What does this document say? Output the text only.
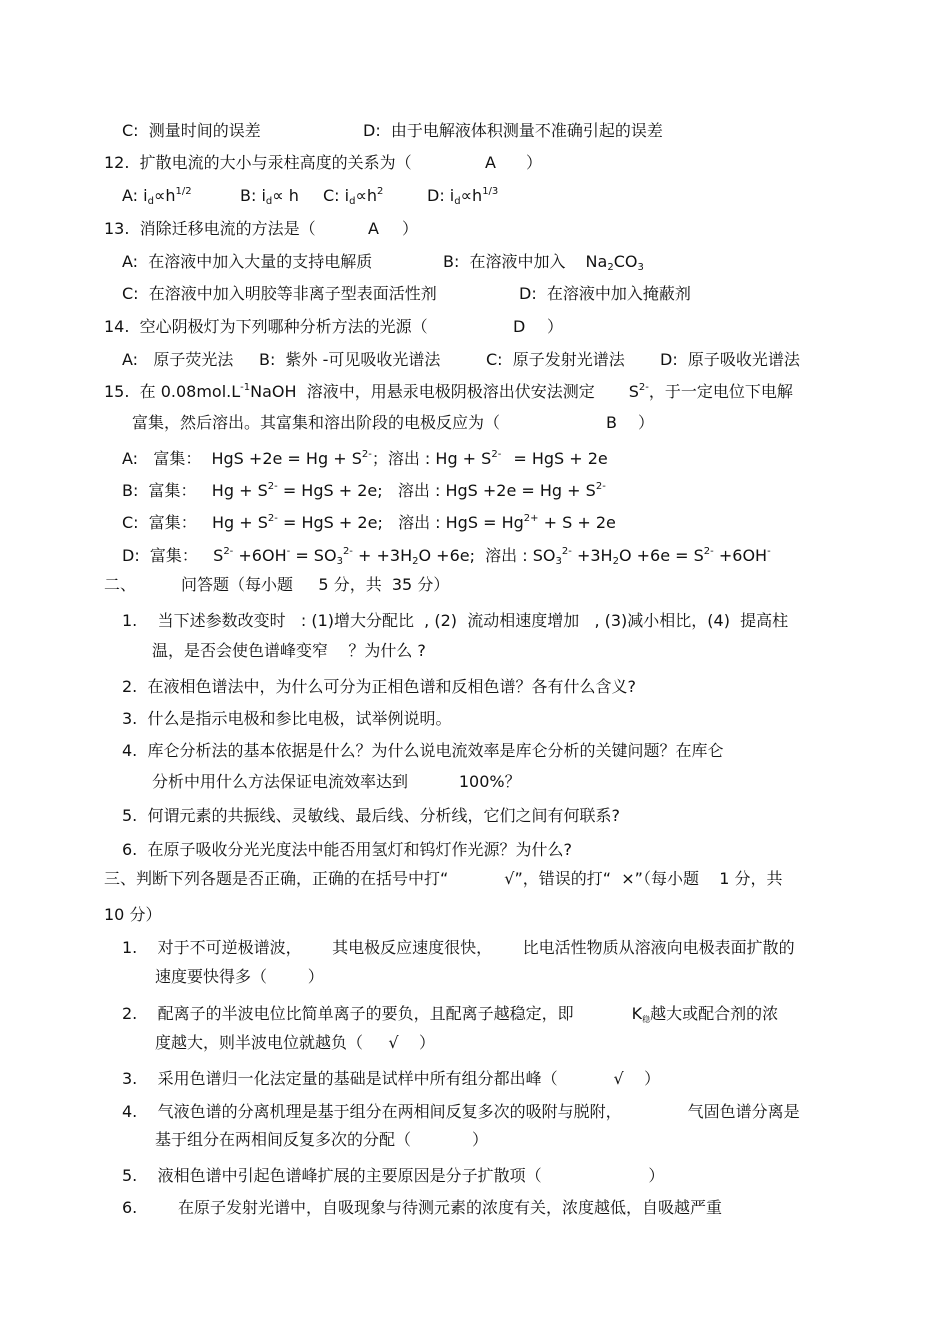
C:  测量时间的误差	D:  由于电解液体积测量不准确引起的误差
12.  扩散电流的大小与汞柱高度的关系为（	A ）
A: $i_d\propto h^{1/2}$	B: $i_d\propto h$ C: $i_d\propto h^2$	D: $i_d\propto h^{1/3}$
13.  消除迁移电流的方法是（	A ）
A:  在溶液中加入大量的支持电解质	B:  在溶液中加入 $Na_2CO_3$
C:  在溶液中加入明胶等非离子型表面活性剂	D:  在溶液中加入掩蔽剂
14.  空心阴极灯为下列哪种分析方法的光源（	D ）
A:   原子荧光法 B:  紫外 -可见吸收光谱法	C:  原子发射光谱法 D:  原子吸收光谱法
15.  在 $0.08mol.L^{-1}NaOH$  溶液中，用悬汞电极阴极溶出伏安法测定 $S^{2-}$，于一定电位下电解
富集，然后溶出。其富集和溶出阶段的电极反应为（	B ）
A:   富集：  HgS $+2e = Hg + S^{2-}$；溶出 : $Hg + S^{2-}$ = HgS + 2e
B:  富集：   $Hg + S^{2-}$ = HgS + 2e;   溶出 : HgS $+2e = Hg + S^{2-}$
C:  富集：   $Hg + S^{2-}$ = HgS + 2e;   溶出 : HgS = $Hg^{2+} + S + 2e$
D:  富集：   $S^{2-} +6OH^- = SO_3^{2-} + +3H_2O +6e$;  溶出 : $SO_3^{2-} +3H_2O +6e = S^{2-} +6OH^-$
二、	问答题（每小题     5 分，共  35 分）
1.    当下述参数改变时   : (1)增大分配比  , (2)  流动相速度增加   , (3)减小相比，(4)  提高柱
温，是否会使色谱峰变窄    ？为什么 ?
2.  在液相色谱法中，为什么可分为正相色谱和反相色谱？各有什么含义?
3.  什么是指示电极和参比电极，试举例说明。
4.  库仑分析法的基本依据是什么？为什么说电流效率是库仑分析的关键问题？在库仑
分析中用什么方法保证电流效率达到          100%？
5.  何谓元素的共振线、灵敏线、最后线、分析线，它们之间有何联系?
6.  在原子吸收分光光度法中能否用氢灯和钨灯作光源？为什么?
三、判断下列各题是否正确，正确的在括号中打“	√”，错误的打“  ×”（每小题    1 分，共
10 分）
1.    对于不可逆极谱波，      其电极反应速度很快，      比电活性物质从溶液向电极表面扩散的
速度要快得多（        ）
2.    配离子的半波电位比简单离子的要负，且配离子越稳定，即	$K_稳$越大或配合剂的浓
度越大，则半波电位就越负（     √    ）
3.    采用色谱归一化法定量的基础是试样中所有组分都出峰（           √    ）
4.    气液色谱的分离机理是基于组分在两相间反复多次的吸附与脱附，	气固色谱分离是
基于组分在两相间反复多次的分配（            ）
5.    液相色谱中引起色谱峰扩展的主要原因是分子扩散项（                     ）
6.        在原子发射光谱中，自吸现象与待测元素的浓度有关，浓度越低，自吸越严重
